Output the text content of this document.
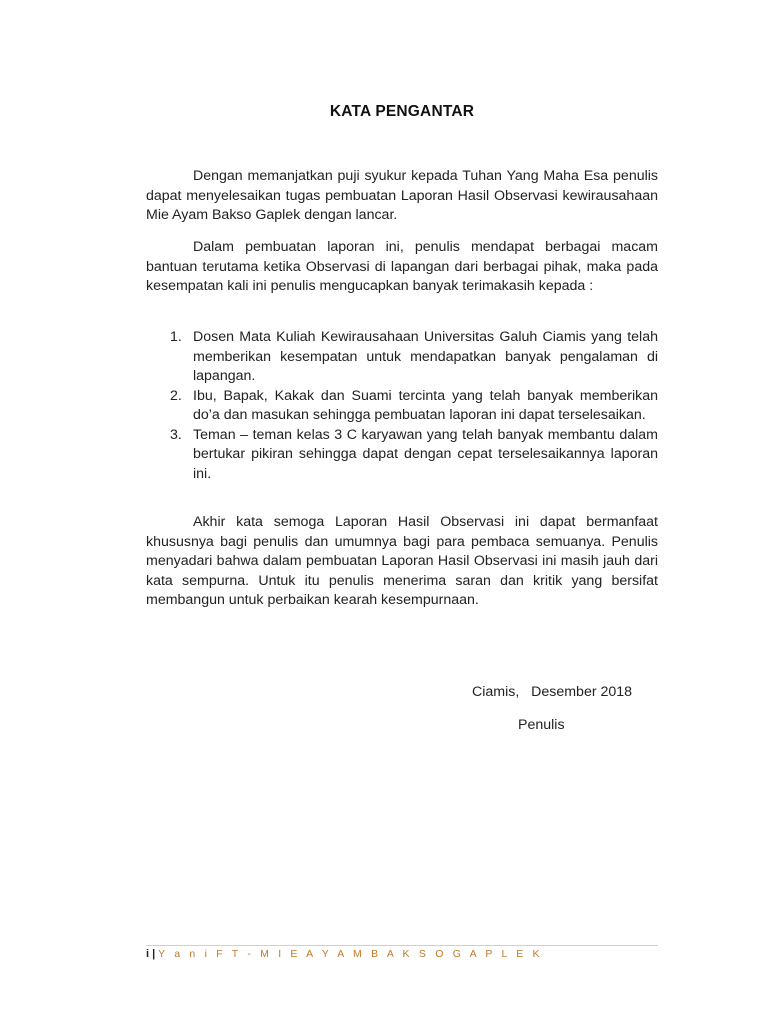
KATA PENGANTAR

Dengan memanjatkan puji syukur kepada Tuhan Yang Maha Esa penulis dapat menyelesaikan tugas pembuatan Laporan Hasil Observasi kewirausahaan Mie Ayam Bakso Gaplek dengan lancar.

Dalam pembuatan laporan ini, penulis mendapat berbagai macam bantuan terutama ketika Observasi di lapangan dari berbagai pihak, maka pada kesempatan kali ini penulis mengucapkan banyak terimakasih kepada :

1. Dosen Mata Kuliah Kewirausahaan Universitas Galuh Ciamis yang telah memberikan kesempatan untuk mendapatkan banyak pengalaman di lapangan.
2. Ibu, Bapak, Kakak dan Suami tercinta yang telah banyak memberikan do’a dan masukan sehingga pembuatan laporan ini dapat terselesaikan.
3. Teman – teman kelas 3 C karyawan yang telah banyak membantu dalam bertukar pikiran sehingga dapat dengan cepat terselesaikannya laporan ini.

Akhir kata semoga Laporan Hasil Observasi ini dapat bermanfaat khususnya bagi penulis dan umumnya bagi para pembaca semuanya. Penulis menyadari bahwa dalam pembuatan Laporan Hasil Observasi ini masih jauh dari kata sempurna. Untuk itu penulis menerima saran dan kritik yang bersifat membangun untuk perbaikan kearah kesempurnaan.

Ciamis,   Desember 2018
Penulis
i | Y a n i F T - M I E A Y A M B A K S O G A P L E K
